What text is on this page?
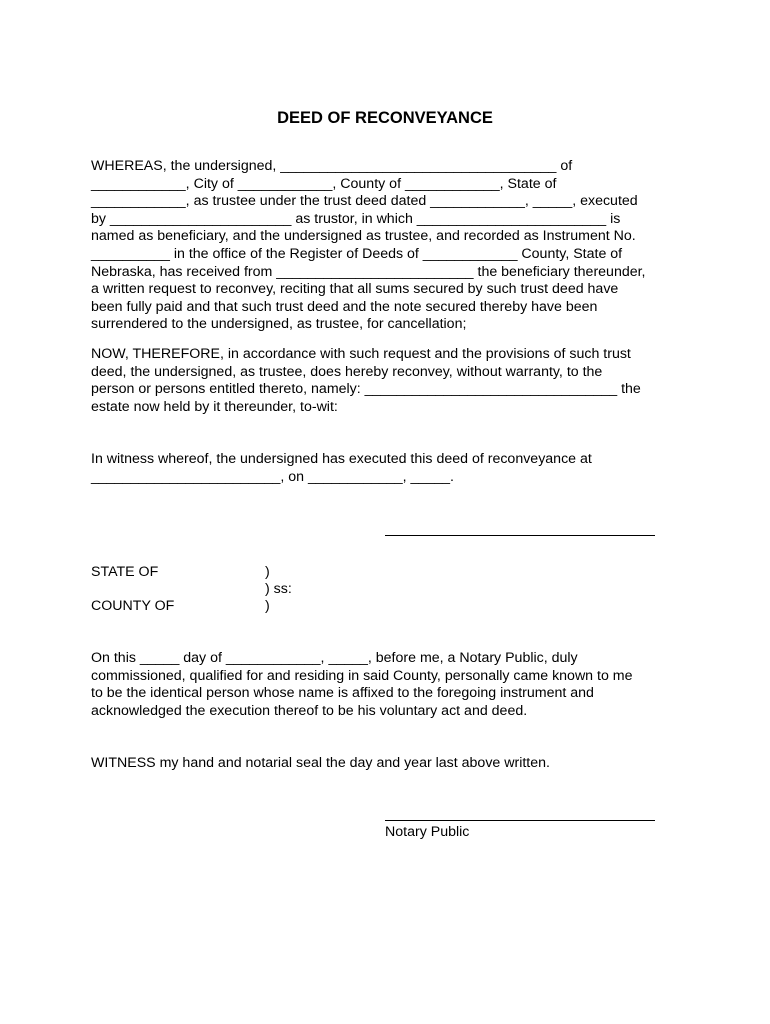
DEED OF RECONVEYANCE
WHEREAS, the undersigned, ___________________________________ of
____________, City of ____________, County of ____________, State of
____________, as trustee under the trust deed dated ____________, _____, executed
by _______________________ as trustor, in which ________________________ is
named as beneficiary, and the undersigned as trustee, and recorded as Instrument No.
__________ in the office of the Register of Deeds of ____________ County, State of
Nebraska, has received from _________________________ the beneficiary thereunder,
a written request to reconvey, reciting that all sums secured by such trust deed have
been fully paid and that such trust deed and the note secured thereby have been
surrendered to the undersigned, as trustee, for cancellation;
NOW, THEREFORE, in accordance with such request and the provisions of such trust
deed, the undersigned, as trustee, does hereby reconvey, without warranty, to the
person or persons entitled thereto, namely: ________________________________ the
estate now held by it thereunder, to-wit:
In witness whereof, the undersigned has executed this deed of reconveyance at
________________________, on ____________, _____.
STATE OF
COUNTY OF
)
) ss:
)
On this _____ day of ____________, _____, before me, a Notary Public, duly
commissioned, qualified for and residing in said County, personally came known to me
to be the identical person whose name is affixed to the foregoing instrument and
acknowledged the execution thereof to be his voluntary act and deed.
WITNESS my hand and notarial seal the day and year last above written.
Notary Public
